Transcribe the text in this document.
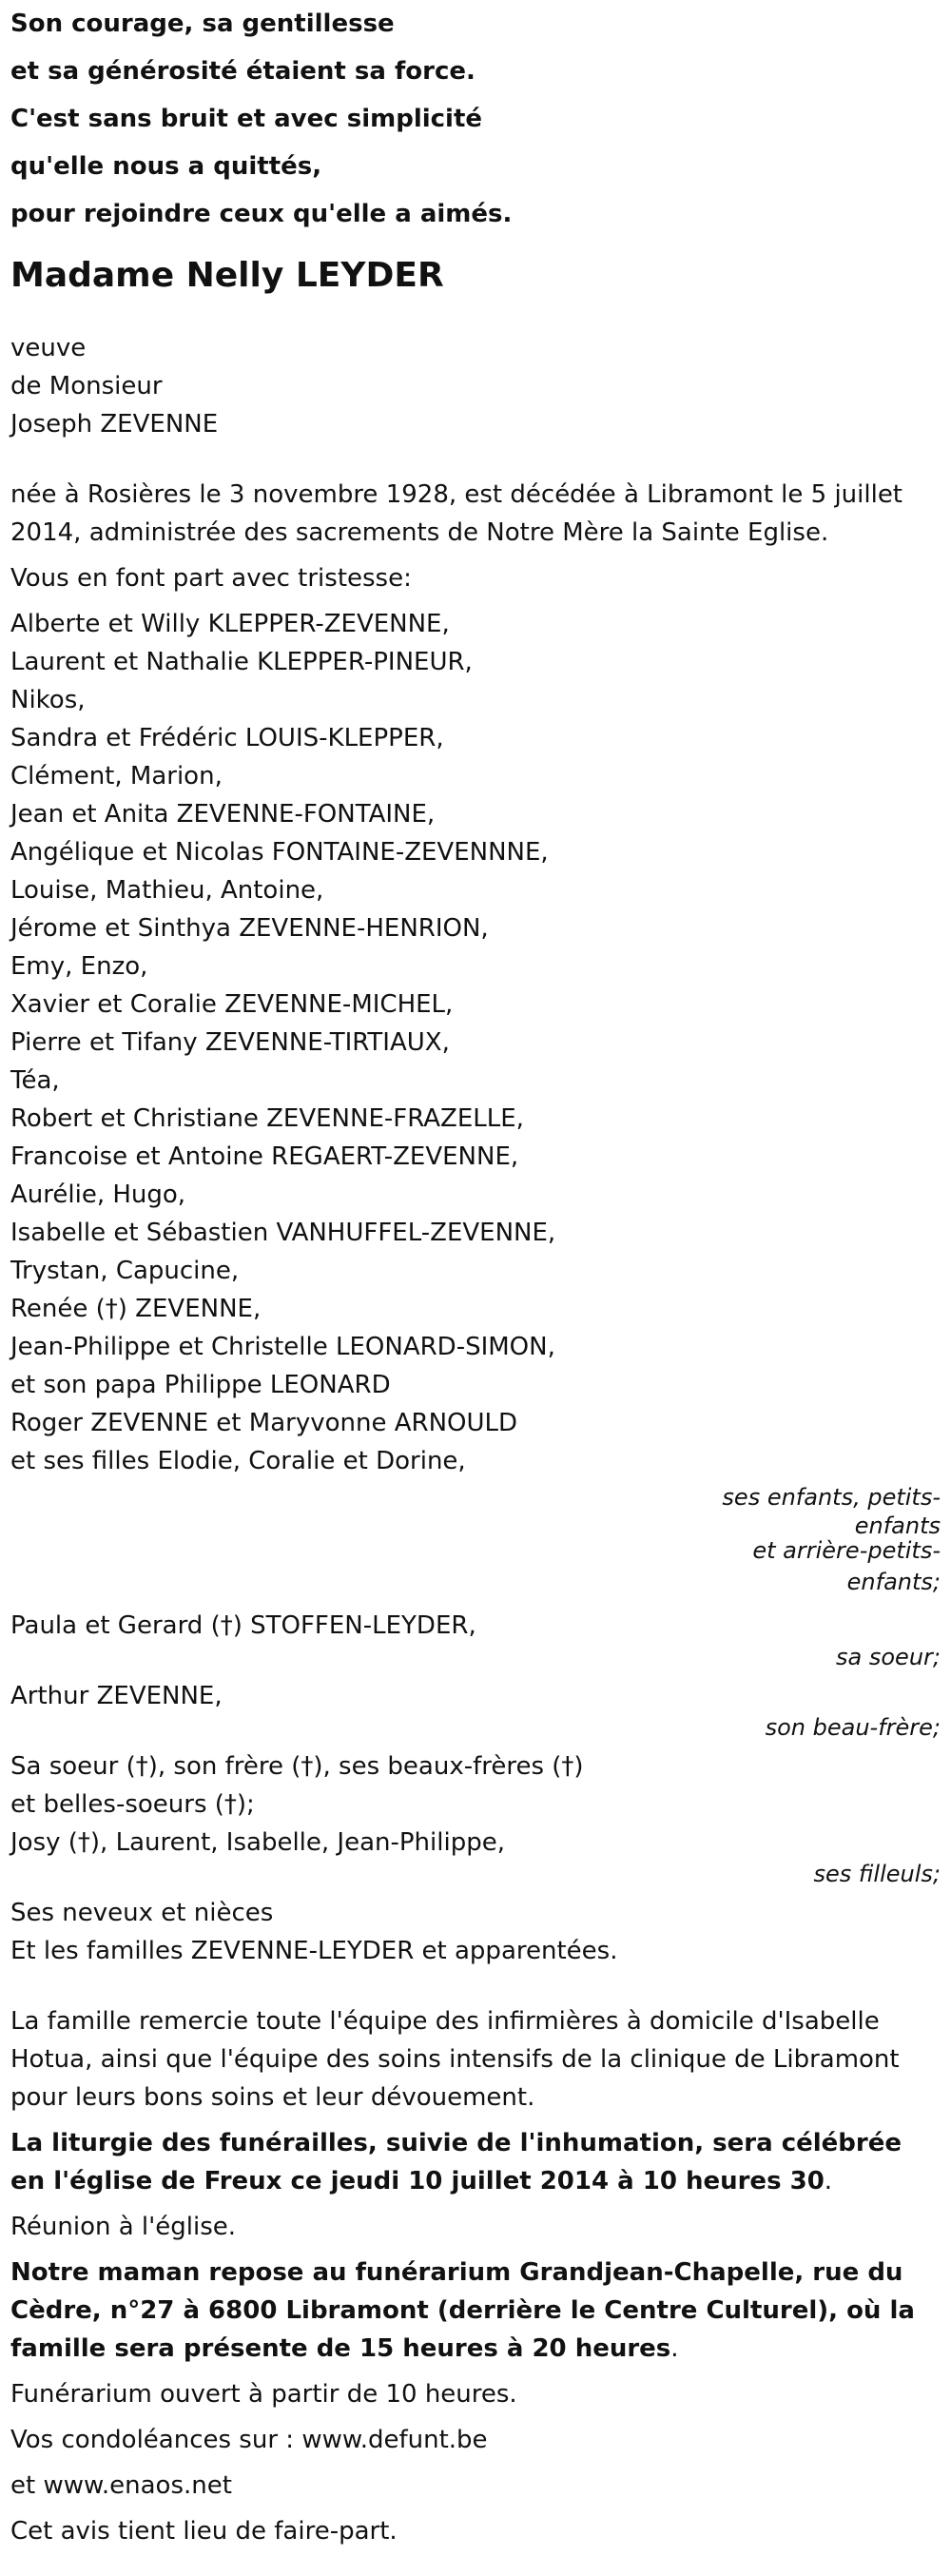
Son courage, sa gentillesse
et sa générosité étaient sa force.
C'est sans bruit et avec simplicité
qu'elle nous a quittés,
pour rejoindre ceux qu'elle a aimés.
Madame Nelly LEYDER
veuve
de Monsieur
Joseph ZEVENNE
née à Rosières le 3 novembre 1928, est décédée à Libramont le 5 juillet 2014, administrée des sacrements de Notre Mère la Sainte Eglise.
Vous en font part avec tristesse:
Alberte et Willy KLEPPER-ZEVENNE,
Laurent et Nathalie KLEPPER-PINEUR,
Nikos,
Sandra et Frédéric LOUIS-KLEPPER,
Clément, Marion,
Jean et Anita ZEVENNE-FONTAINE,
Angélique et Nicolas FONTAINE-ZEVENNNE,
Louise, Mathieu, Antoine,
Jérome et Sinthya ZEVENNE-HENRION,
Emy, Enzo,
Xavier et Coralie ZEVENNE-MICHEL,
Pierre et Tifany ZEVENNE-TIRTIAUX,
Téa,
Robert et Christiane ZEVENNE-FRAZELLE,
Francoise et Antoine REGAERT-ZEVENNE,
Aurélie, Hugo,
Isabelle et Sébastien VANHUFFEL-ZEVENNE,
Trystan, Capucine,
Renée (†) ZEVENNE,
Jean-Philippe et Christelle LEONARD-SIMON,
et son papa Philippe LEONARD
Roger ZEVENNE et Maryvonne ARNOULD
et ses filles Elodie, Coralie et Dorine,
ses enfants, petits-
enfants
et arrière-petits-
enfants;
Paula et Gerard (†) STOFFEN-LEYDER,
sa soeur;
Arthur ZEVENNE,
son beau-frère;
Sa soeur (†), son frère (†), ses beaux-frères (†)
et belles-soeurs (†);
Josy (†), Laurent, Isabelle, Jean-Philippe,
ses filleuls;
Ses neveux et nièces
Et les familles ZEVENNE-LEYDER et apparentées.
La famille remercie toute l'équipe des infirmières à domicile d'Isabelle Hotua, ainsi que l'équipe des soins intensifs de la clinique de Libramont pour leurs bons soins et leur dévouement.
La liturgie des funérailles, suivie de l'inhumation, sera célébrée en l'église de Freux ce jeudi 10 juillet 2014 à 10 heures 30.
Réunion à l'église.
Notre maman repose au funérarium Grandjean-Chapelle, rue du Cèdre, n°27 à 6800 Libramont (derrière le Centre Culturel), où la famille sera présente de 15 heures à 20 heures.
Funérarium ouvert à partir de 10 heures.
Vos condoléances sur : www.defunt.be
et www.enaos.net
Cet avis tient lieu de faire-part.
